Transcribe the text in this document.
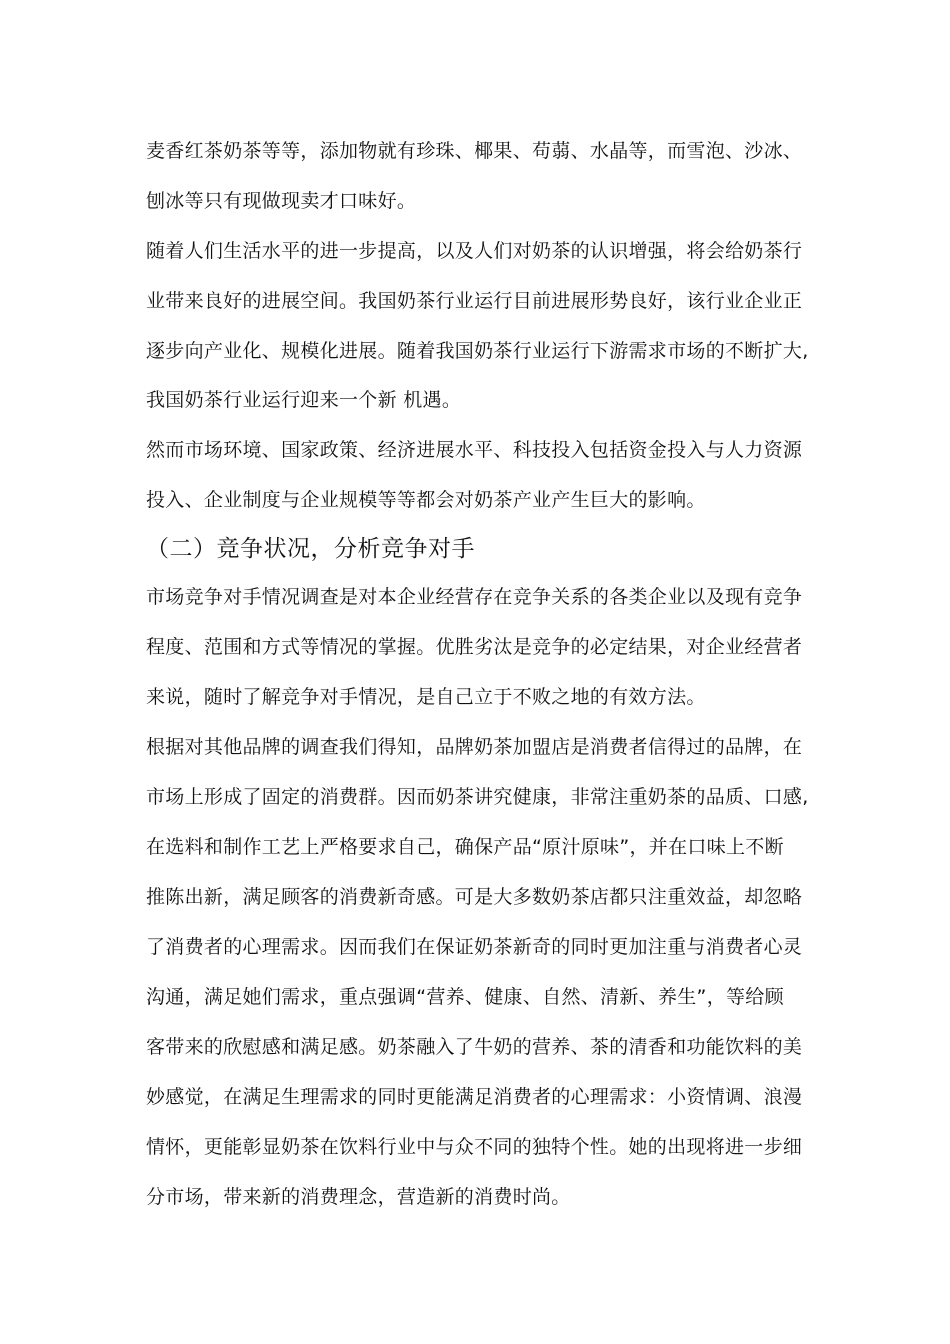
麦香红茶奶茶等等，添加物就有珍珠、椰果、苟蒻、水晶等，而雪泡、沙冰、
刨冰等只有现做现卖才口味好。
随着人们生活水平的进一步提高，以及人们对奶茶的认识增强，将会给奶茶行
业带来良好的进展空间。我国奶茶行业运行目前进展形势良好，该行业企业正
逐步向产业化、规模化进展。随着我国奶茶行业运行下游需求市场的不断扩大,
我国奶茶行业运行迎来一个新 机遇。
然而市场环境、国家政策、经济进展水平、科技投入包括资金投入与人力资源
投入、企业制度与企业规模等等都会对奶茶产业产生巨大的影响。
（二）竞争状况，分析竞争对手
市场竞争对手情况调查是对本企业经营存在竞争关系的各类企业以及现有竞争
程度、范围和方式等情况的掌握。优胜劣汰是竞争的必定结果，对企业经营者
来说，随时了解竞争对手情况，是自己立于不败之地的有效方法。
根据对其他品牌的调查我们得知，品牌奶茶加盟店是消费者信得过的品牌，在
市场上形成了固定的消费群。因而奶茶讲究健康，非常注重奶茶的品质、口感,
在选料和制作工艺上严格要求自己，确保产品“原汁原味”，并在口味上不断
推陈出新，满足顾客的消费新奇感。可是大多数奶茶店都只注重效益，却忽略
了消费者的心理需求。因而我们在保证奶茶新奇的同时更加注重与消费者心灵
沟通，满足她们需求，重点强调“营养、健康、自然、清新、养生”，等给顾
客带来的欣慰感和满足感。奶茶融入了牛奶的营养、茶的清香和功能饮料的美
妙感觉，在满足生理需求的同时更能满足消费者的心理需求：小资情调、浪漫
情怀，更能彰显奶茶在饮料行业中与众不同的独特个性。她的出现将进一步细
分市场，带来新的消费理念，营造新的消费时尚。
